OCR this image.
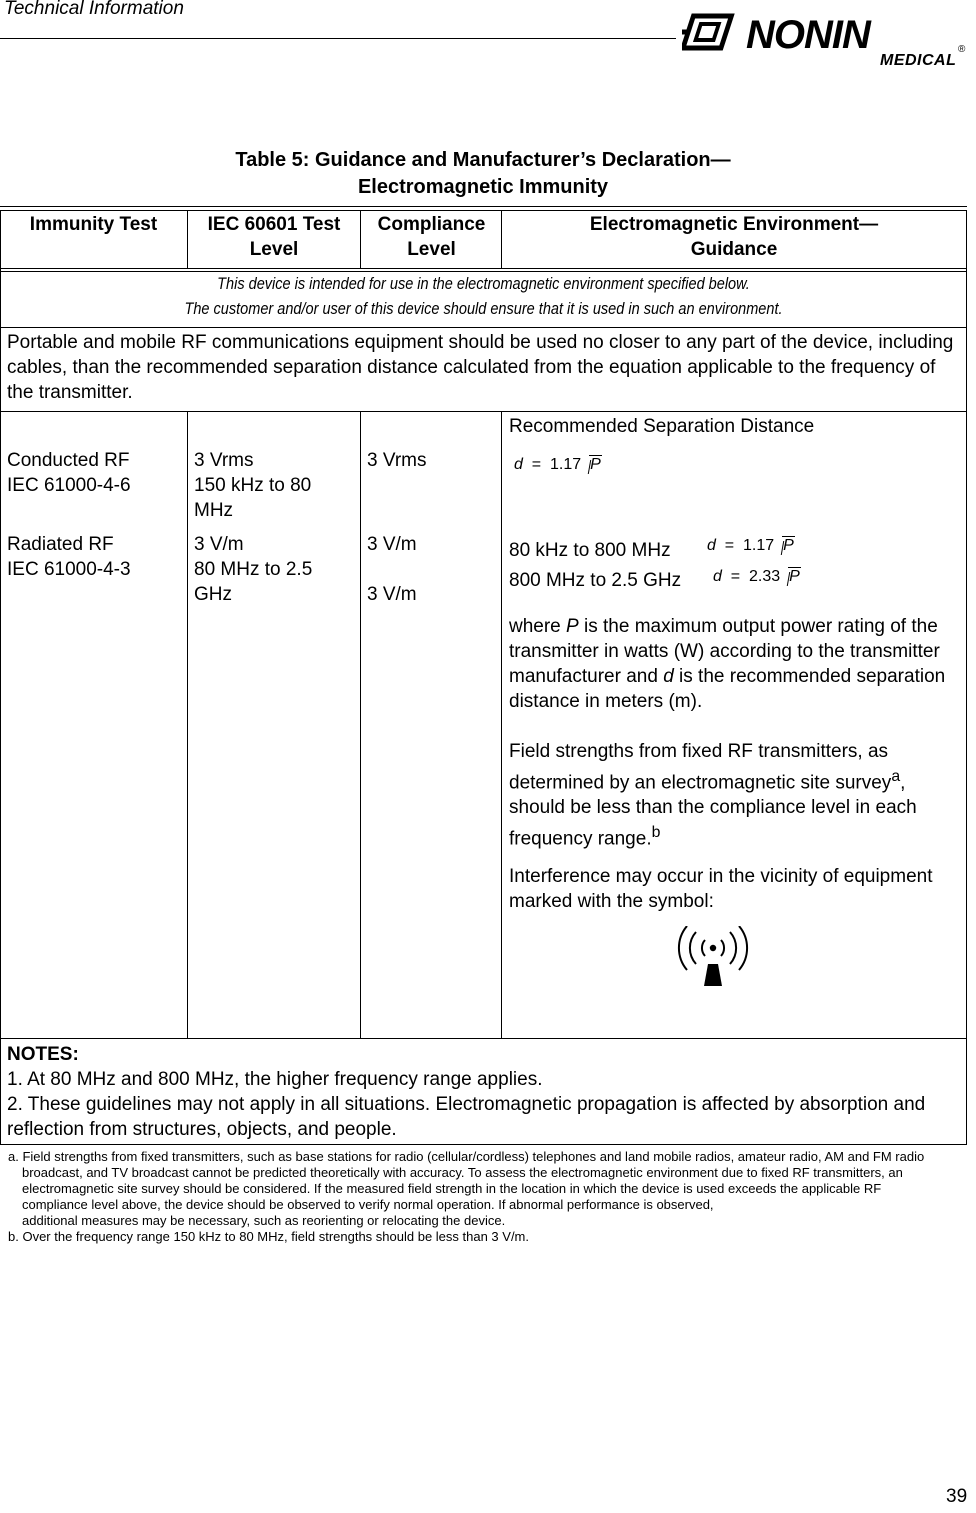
Technical Information
NONIN	®
MEDICAL
Table 5: Guidance and Manufacturer’s Declaration—
Electromagnetic Immunity
Immunity Test	IEC 60601 Test Level
Compliance Level
Electromagnetic Environment—
Guidance
This device is intended for use in the electromagnetic environment specified below.
The customer and/or user of this device should ensure that it is used in such an environment.
Portable and mobile RF communications equipment should be used no closer to any part of the device, including cables, than the recommended separation distance calculated from the equation applicable to the frequency of the transmitter.
Conducted RF
IEC 61000-4-6
3 Vrms
150 kHz to 80 MHz
3 Vrms
Radiated RF
IEC 61000-4-3
3 V/m
80 MHz to 2.5 GHz
3 V/m
3 V/m
Recommended Separation Distance
d = 1.17 P
80 kHz to 800 MHz d = 1.17 P
800 MHz to 2.5 GHz d = 2.33 P
where P is the maximum output power rating of the transmitter in watts (W) according to the transmitter manufacturer and d is the recommended separation distance in meters (m).
Field strengths from fixed RF transmitters, as determined by an electromagnetic site survey$^a$, should be less than the compliance level in each frequency range.$^b$
Interference may occur in the vicinity of equipment marked with the symbol:
NOTES:
1. At 80 MHz and 800 MHz, the higher frequency range applies.
2. These guidelines may not apply in all situations. Electromagnetic propagation is affected by absorption and reflection from structures, objects, and people.
a. Field strengths from fixed transmitters, such as base stations for radio (cellular/cordless) telephones and land mobile radios, amateur radio, AM and FM radio broadcast, and TV broadcast cannot be predicted theoretically with accuracy. To assess the electromagnetic environment due to fixed RF transmitters, an electromagnetic site survey should be considered. If the measured field strength in the location in which the device is used exceeds the applicable RF compliance level above, the device should be observed to verify normal operation. If abnormal performance is observed,
additional measures may be necessary, such as reorienting or relocating the device.
b. Over the frequency range 150 kHz to 80 MHz, field strengths should be less than 3 V/m.
39
